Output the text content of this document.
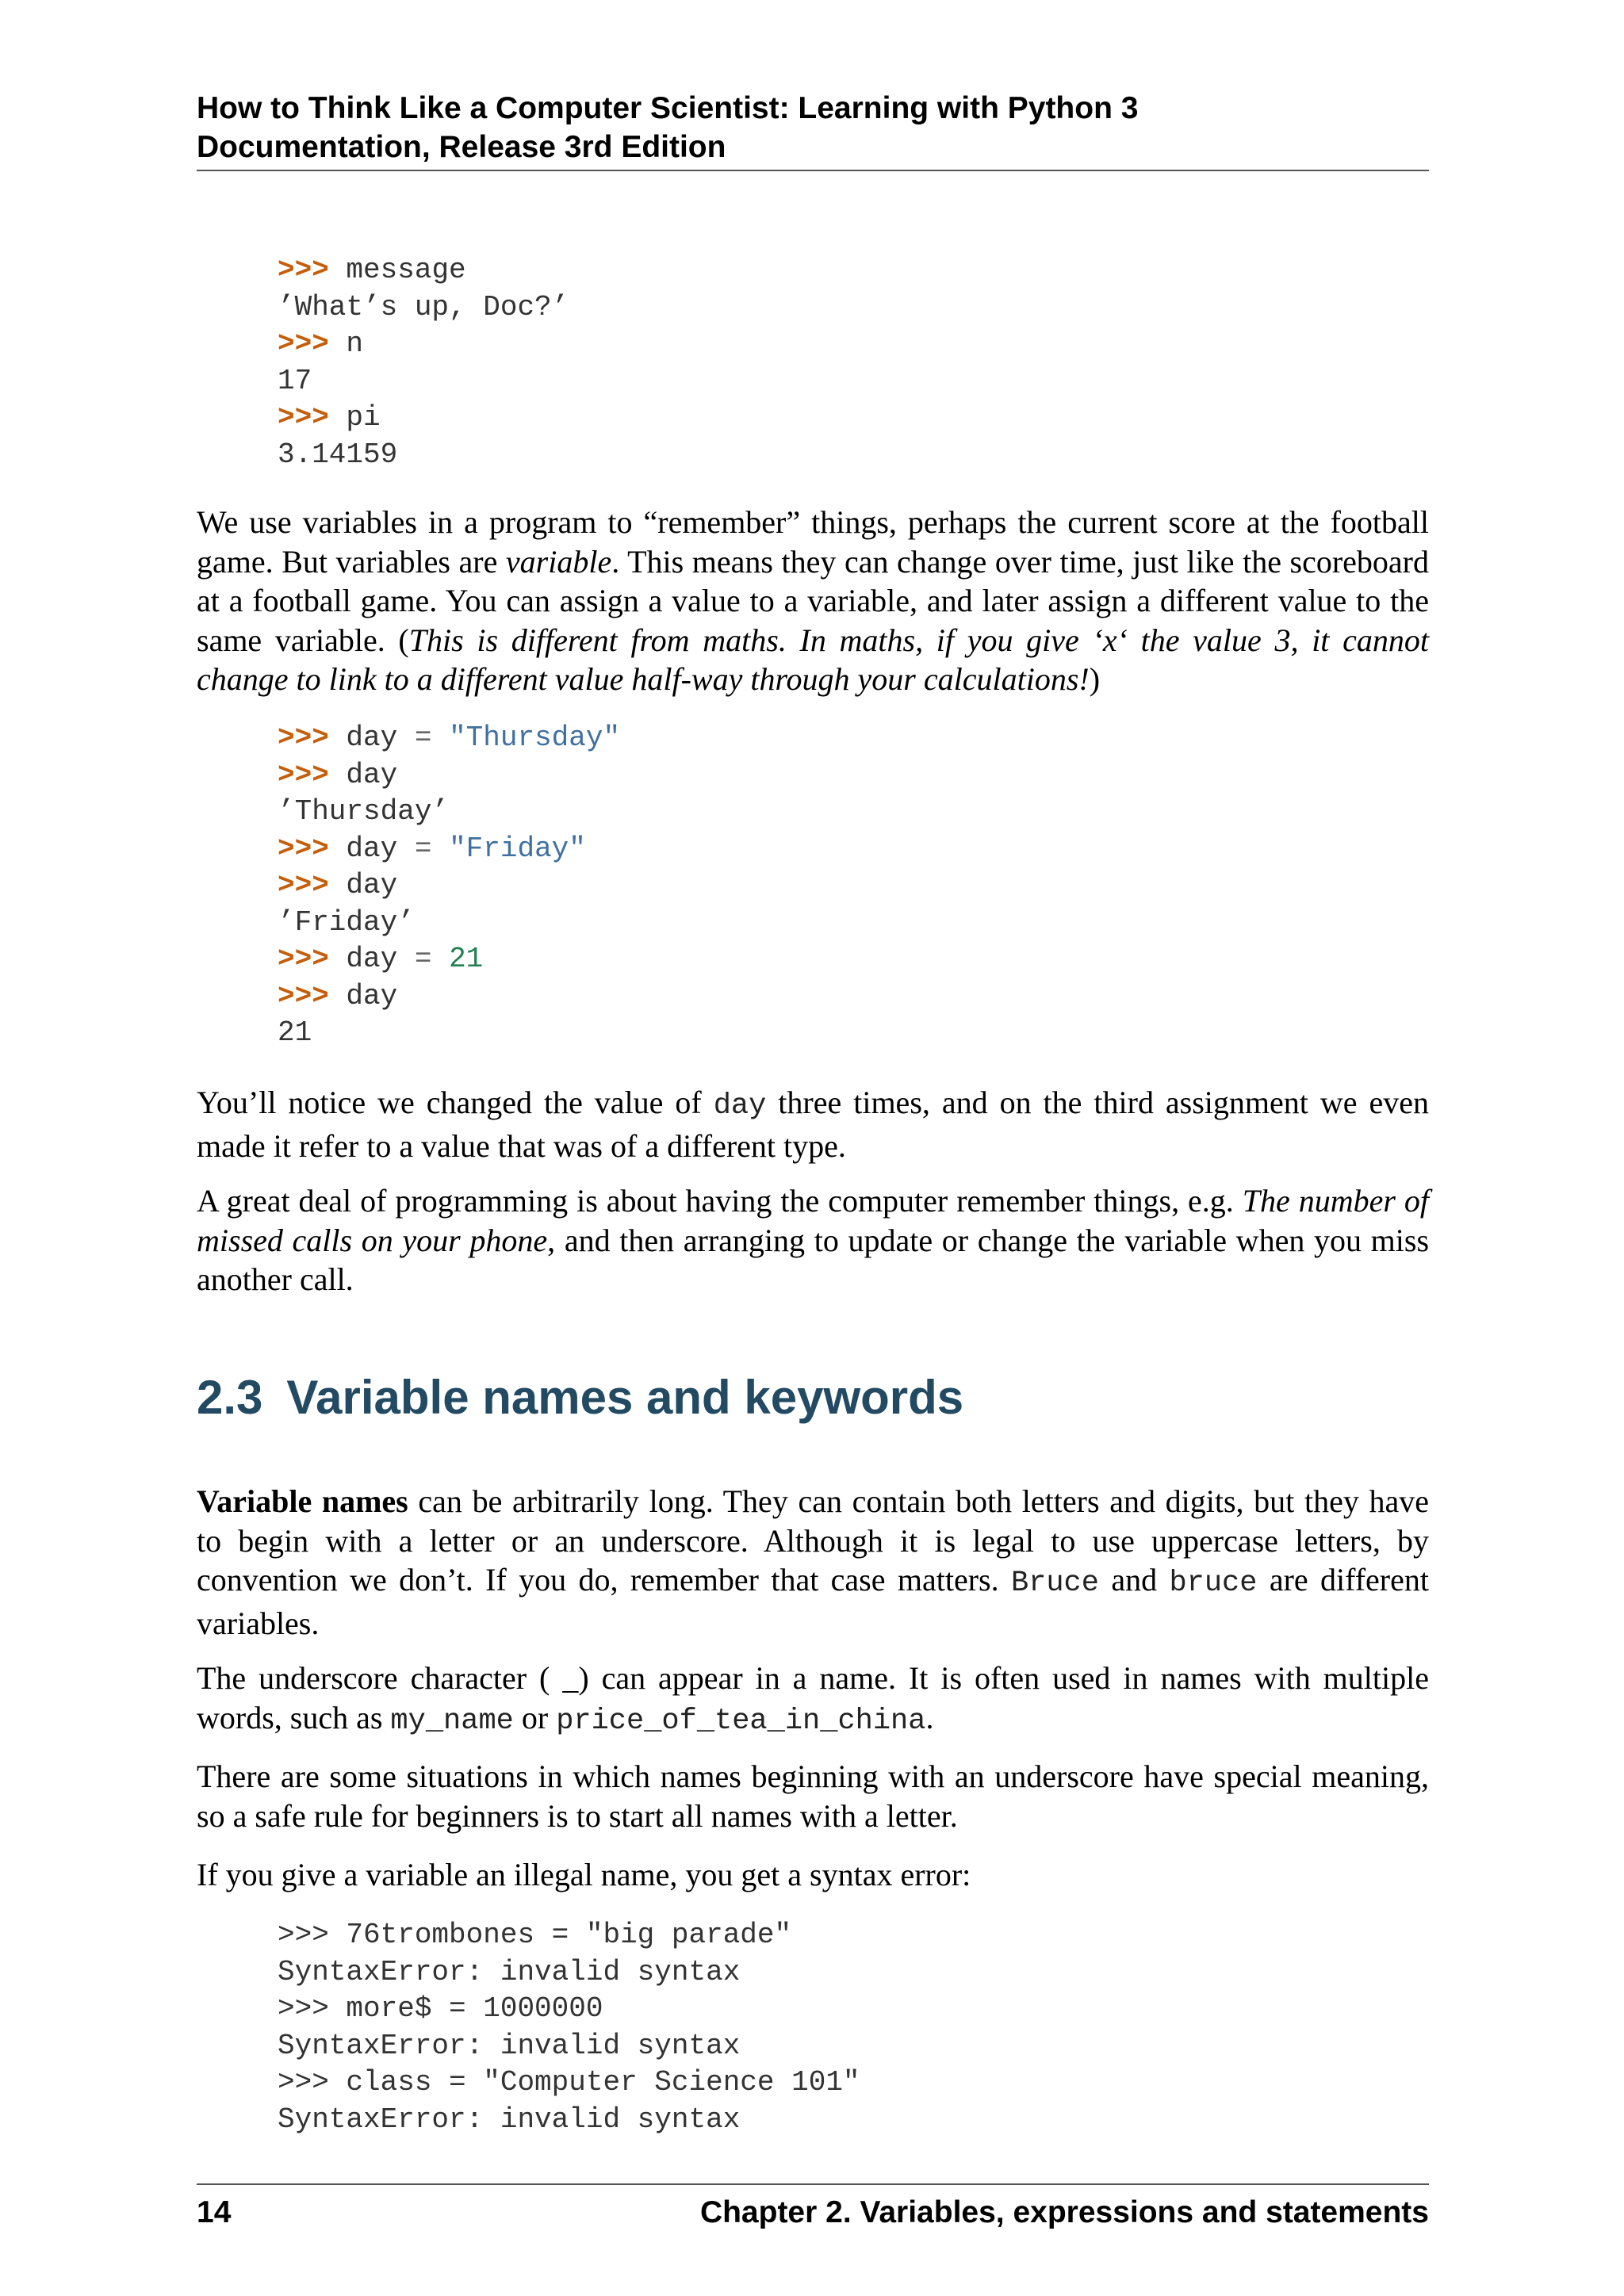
How to Think Like a Computer Scientist: Learning with Python 3
Documentation, Release 3rd Edition
>>> message
’What’s up, Doc?’
>>> n
17
>>> pi
3.14159

We use variables in a program to “remember” things, perhaps the current score at the football game. But variables are variable. This means they can change over time, just like the scoreboard at a football game. You can assign a value to a variable, and later assign a different value to the same variable. (This is different from maths. In maths, if you give ‘x‘ the value 3, it cannot change to link to a different value half-way through your calculations!)

>>> day = "Thursday"
>>> day
’Thursday’
>>> day = "Friday"
>>> day
’Friday’
>>> day = 21
>>> day
21

You’ll notice we changed the value of day three times, and on the third assignment we even made it refer to a value that was of a different type.

A great deal of programming is about having the computer remember things, e.g. The number of missed calls on your phone, and then arranging to update or change the variable when you miss another call.

2.3 Variable names and keywords

Variable names can be arbitrarily long. They can contain both letters and digits, but they have to begin with a letter or an underscore. Although it is legal to use uppercase letters, by convention we don’t. If you do, remember that case matters. Bruce and bruce are different variables.

The underscore character ( _) can appear in a name. It is often used in names with multiple words, such as my_name or price_of_tea_in_china.

There are some situations in which names beginning with an underscore have special meaning, so a safe rule for beginners is to start all names with a letter.

If you give a variable an illegal name, you get a syntax error:

>>> 76trombones = "big parade"
SyntaxError: invalid syntax
>>> more$ = 1000000
SyntaxError: invalid syntax
>>> class = "Computer Science 101"
SyntaxError: invalid syntax
14	Chapter 2. Variables, expressions and statements
